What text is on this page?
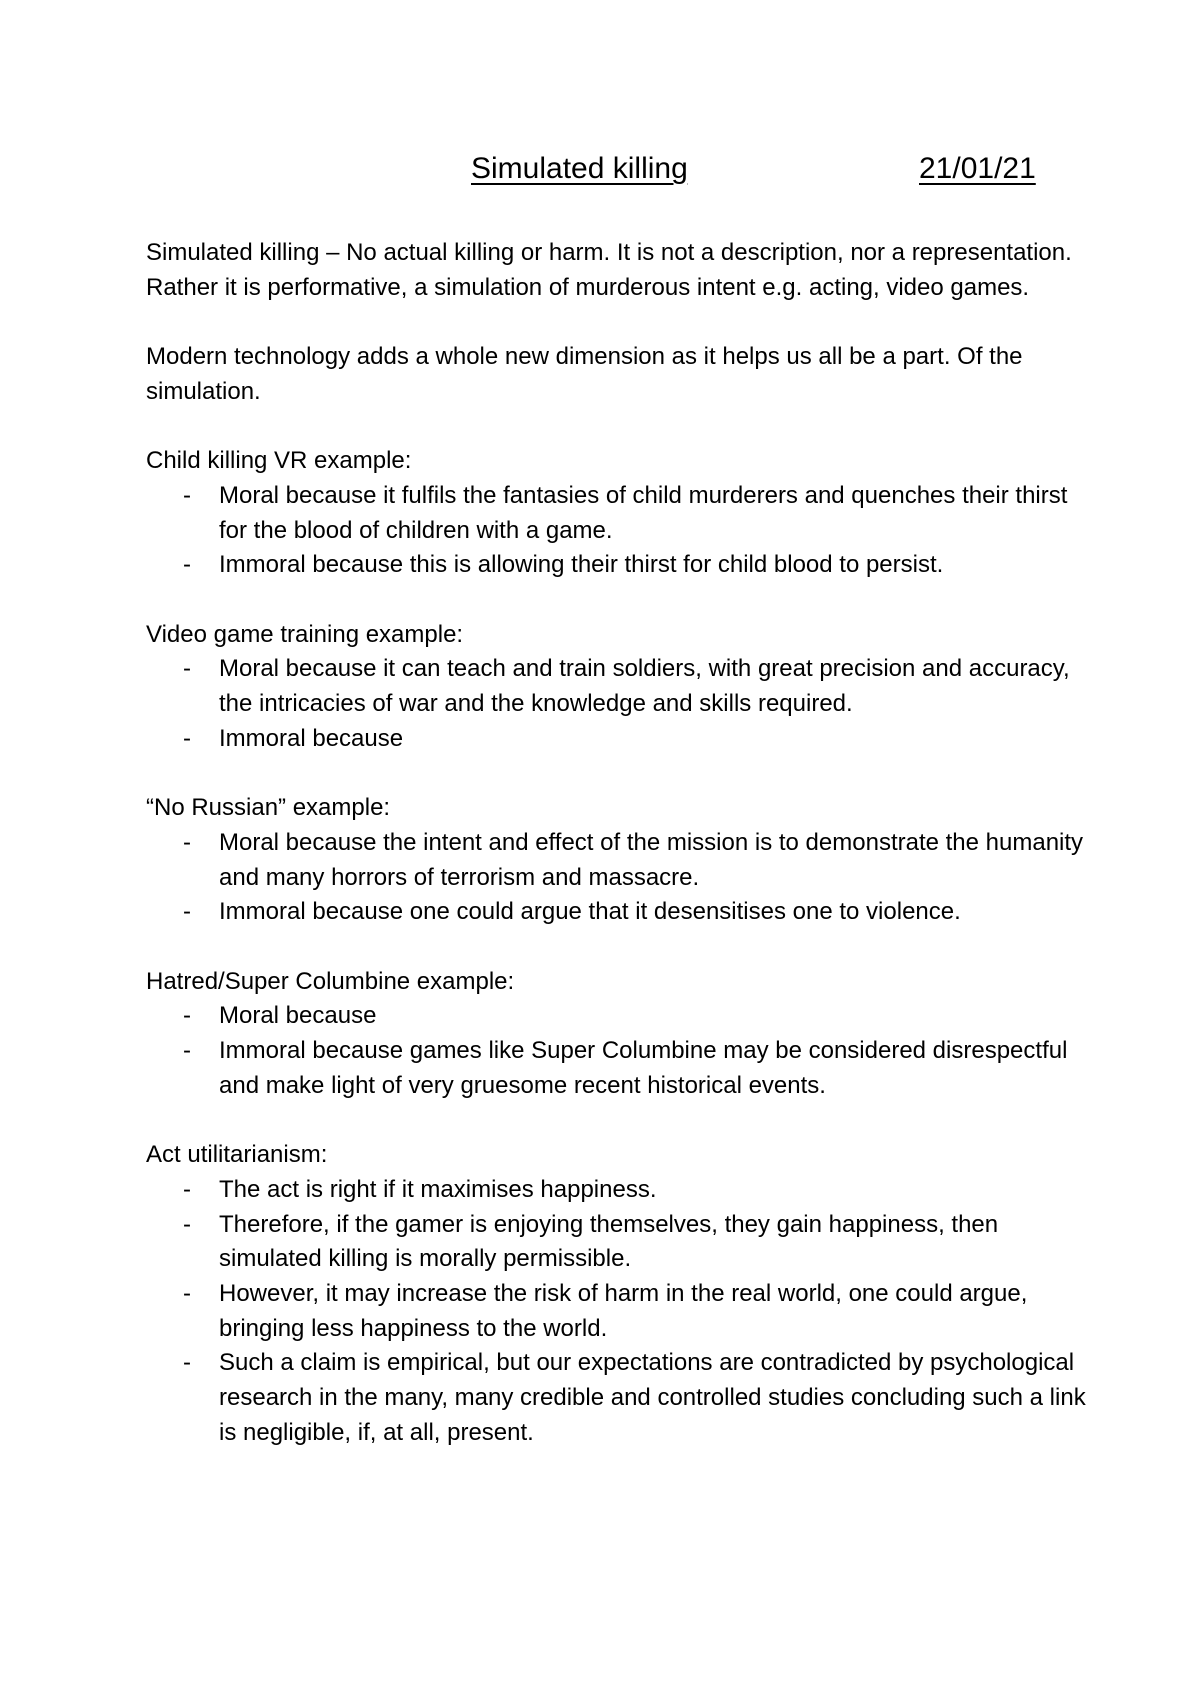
Simulated killing	21/01/21

Simulated killing – No actual killing or harm. It is not a description, nor a representation. Rather it is performative, a simulation of murderous intent e.g. acting, video games.

Modern technology adds a whole new dimension as it helps us all be a part. Of the simulation.

Child killing VR example:

- Moral because it fulfils the fantasies of child murderers and quenches their thirst for the blood of children with a game.
- Immoral because this is allowing their thirst for child blood to persist.

Video game training example:

- Moral because it can teach and train soldiers, with great precision and accuracy, the intricacies of war and the knowledge and skills required.
- Immoral because

“No Russian” example:

- Moral because the intent and effect of the mission is to demonstrate the humanity and many horrors of terrorism and massacre.
- Immoral because one could argue that it desensitises one to violence.

Hatred/Super Columbine example:

- Moral because
- Immoral because games like Super Columbine may be considered disrespectful and make light of very gruesome recent historical events.

Act utilitarianism:

- The act is right if it maximises happiness.
- Therefore, if the gamer is enjoying themselves, they gain happiness, then simulated killing is morally permissible.
- However, it may increase the risk of harm in the real world, one could argue, bringing less happiness to the world.
- Such a claim is empirical, but our expectations are contradicted by psychological research in the many, many credible and controlled studies concluding such a link is negligible, if, at all, present.
